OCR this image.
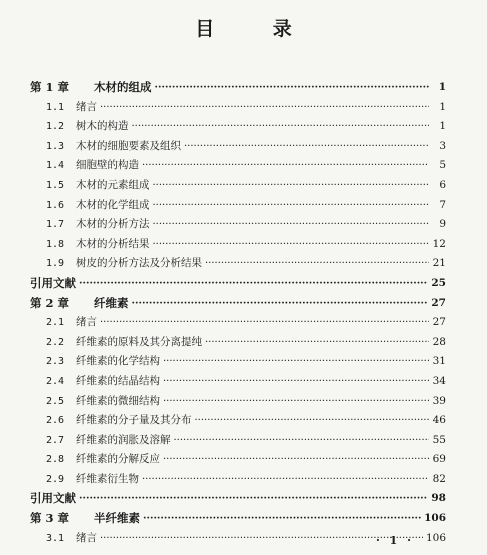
目 录
第 1 章	木材的组成 ·····	1
1.1	绪言 ·····	1
1.2	树木的构造 ·····	1
1.3	木材的细胞要素及组织 ·····	3
1.4	细胞壁的构造 ·····	5
1.5	木材的元素组成 ·····	6
1.6	木材的化学组成 ·····	7
1.7	木材的分析方法 ·····	9
1.8	木材的分析结果 ·····	12
1.9	树皮的分析方法及分析结果 ·····	21
引用文献 ·····	25
第 2 章	纤维素 ·····	27
2.1	绪言 ·····	27
2.2	纤维素的原料及其分离提纯 ·····	28
2.3	纤维素的化学结构 ·····	31
2.4	纤维素的结晶结构 ·····	34
2.5	纤维素的微细结构 ·····	39
2.6	纤维素的分子量及其分布 ·····	46
2.7	纤维素的润胀及溶解 ·····	55
2.8	纤维素的分解反应 ·····	69
2.9	纤维素衍生物 ·····	82
引用文献 ·····	98
第 3 章	半纤维素 ·····	106
3.1	绪言 ·····	106
· 1 ·
